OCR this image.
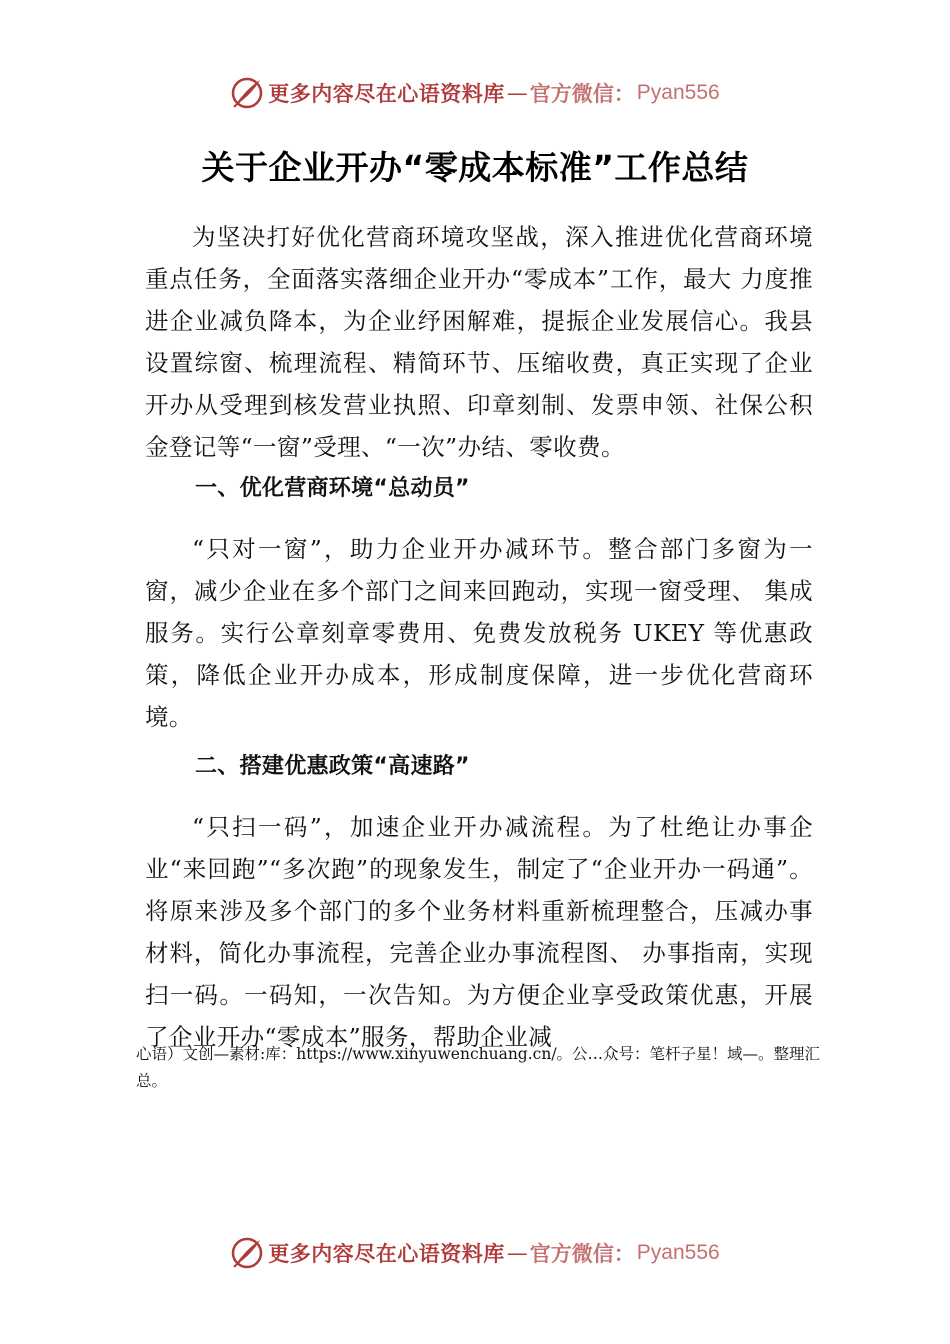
更多内容尽在心语资料库 — 官方微信： Pyan556
关于企业开办“零成本标准”工作总结

为坚决打好优化营商环境攻坚战，深入推进优化营商环境重点任务，全面落实落细企业开办“零成本”工作，最大 力度推进企业减负降本，为企业纾困解难，提振企业发展信心。我县设置综窗、梳理流程、精简环节、压缩收费，真正实现了企业开办从受理到核发营业执照、印章刻制、发票申领、社保公积金登记等“一窗”受理、“一次”办结、零收费。

一、优化营商环境“总动员”

“只对一窗”，助力企业开办减环节。整合部门多窗为一窗，减少企业在多个部门之间来回跑动，实现一窗受理、 集成服务。实行公章刻章零费用、免费发放税务 UKEY 等优惠政策，降低企业开办成本，形成制度保障，进一步优化营商环境。

二、搭建优惠政策“高速路”

“只扫一码”，加速企业开办减流程。为了杜绝让办事企业“来回跑”“多次跑”的现象发生，制定了“企业开办一码通”。将原来涉及多个部门的多个业务材料重新梳理整合，压减办事材料，简化办事流程，完善企业办事流程图、 办事指南，实现扫一码。一码知，一次告知。为方便企业享受政策优惠，开展了企业开办“零成本”服务，帮助企业减

心语）文创—素材:库：https://www.xinyuwenchuang.cn/。公…众号：笔杆子星！域—。整理汇总。
更多内容尽在心语资料库 — 官方微信： Pyan556
